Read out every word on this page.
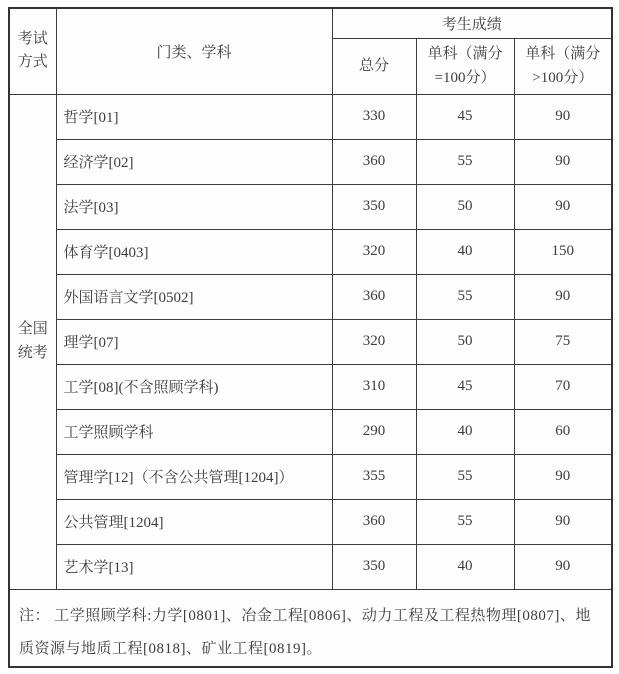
考试方式	门类、学科	考生成绩		
		总分	单科（满分=100分）	单科（满分>100分）
全国统考	哲学[01]	330	45	90
	经济学[02]	360	55	90
	法学[03]	350	50	90
	体育学[0403]	320	40	150
	外国语言文学[0502]	360	55	90
	理学[07]	320	50	75
	工学[08](不含照顾学科)	310	45	70
	工学照顾学科	290	40	60
	管理学[12]（不含公共管理[1204]）	355	55	90
	公共管理[1204]	360	55	90
	艺术学[13]	350	40	90
注： 工学照顾学科:力学[0801]、冶金工程[0806]、动力工程及工程热物理[0807]、地质资源与地质工程[0818]、矿业工程[0819]。				
